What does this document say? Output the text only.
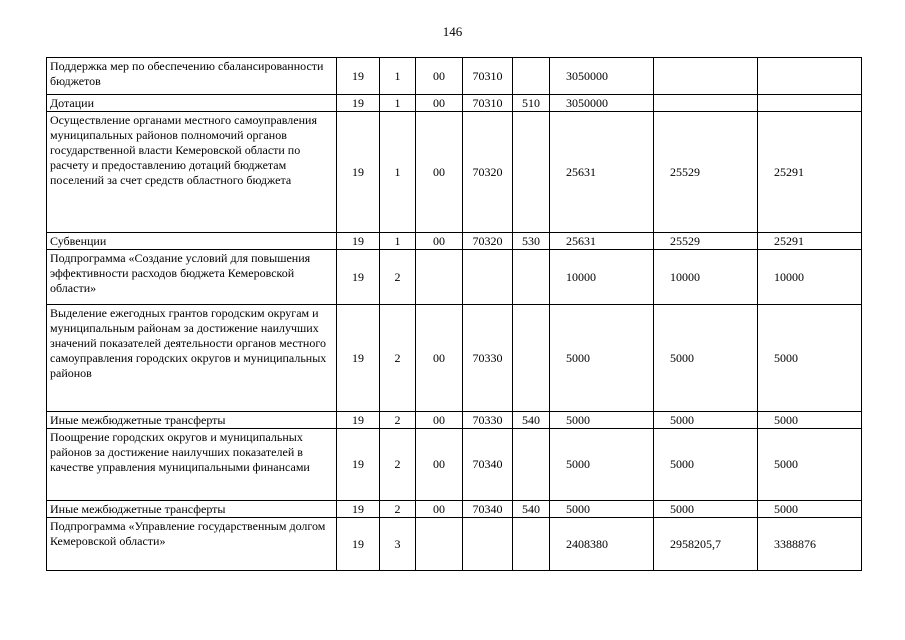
146
Поддержка мер по обеспечению сбалансированности бюджетов	19	1	00	70310		3050000		
Дотации	19	1	00	70310	510	3050000		
Осуществление органами местного самоуправления муниципальных районов полномочий органов государственной власти Кемеровской области по расчету и предоставлению дотаций бюджетам поселений за счет средств областного бюджета	19	1	00	70320		25631	25529	25291
Субвенции	19	1	00	70320	530	25631	25529	25291
Подпрограмма «Создание условий для повышения эффективности расходов бюджета Кемеровской области»	19	2				10000	10000	10000
Выделение ежегодных грантов городским округам и муниципальным районам за достижение наилучших значений показателей деятельности органов местного самоуправления городских округов и муниципальных районов	19	2	00	70330		5000	5000	5000
Иные межбюджетные трансферты	19	2	00	70330	540	5000	5000	5000
Поощрение городских округов и муниципальных районов за достижение наилучших показателей в качестве управления муниципальными финансами	19	2	00	70340		5000	5000	5000
Иные межбюджетные трансферты	19	2	00	70340	540	5000	5000	5000
Подпрограмма «Управление государственным долгом Кемеровской области»	19	3				2408380	2958205,7	3388876
